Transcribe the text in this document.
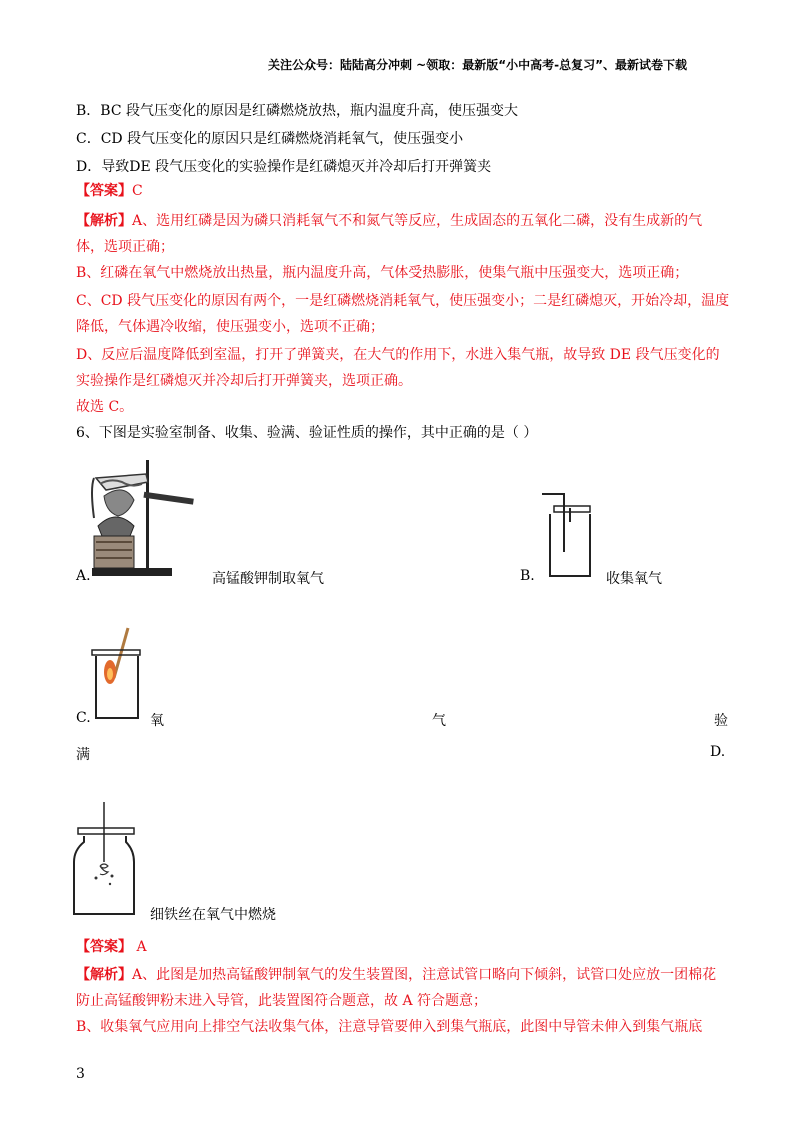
关注公众号：陆陆高分冲刺 ~领取：最新版“小中高考-总复习”、最新试卷下载
B．BC 段气压变化的原因是红磷燃烧放热，瓶内温度升高，使压强变大
C．CD 段气压变化的原因只是红磷燃烧消耗氧气，使压强变小
D．导致DE 段气压变化的实验操作是红磷熄灭并冷却后打开弹簧夹
【答案】C
【解析】A、选用红磷是因为磷只消耗氧气不和氮气等反应，生成固态的五氧化二磷，没有生成新的气
体，选项正确；
B、红磷在氧气中燃烧放出热量，瓶内温度升高，气体受热膨胀，使集气瓶中压强变大，选项正确；
C、CD 段气压变化的原因有两个，一是红磷燃烧消耗氧气，使压强变小；二是红磷熄灭，开始冷却，温度
降低，气体遇冷收缩，使压强变小，选项不正确；
D、反应后温度降低到室温，打开了弹簧夹，在大气的作用下，水进入集气瓶，故导致 DE 段气压变化的
实验操作是红磷熄灭并冷却后打开弹簧夹，选项正确。
故选 C。
6、下图是实验室制备、收集、验满、验证性质的操作，其中正确的是（ ）
A.	高锰酸钾制取氧气	B.	收集氧气
C.	氧	气	验
满	D.
细铁丝在氧气中燃烧
【答案】 A
【解析】A、此图是加热高锰酸钾制氧气的发生装置图，注意试管口略向下倾斜，试管口处应放一团棉花
防止高锰酸钾粉末进入导管，此装置图符合题意，故 A 符合题意；
B、收集氧气应用向上排空气法收集气体，注意导管要伸入到集气瓶底，此图中导管未伸入到集气瓶底
3
